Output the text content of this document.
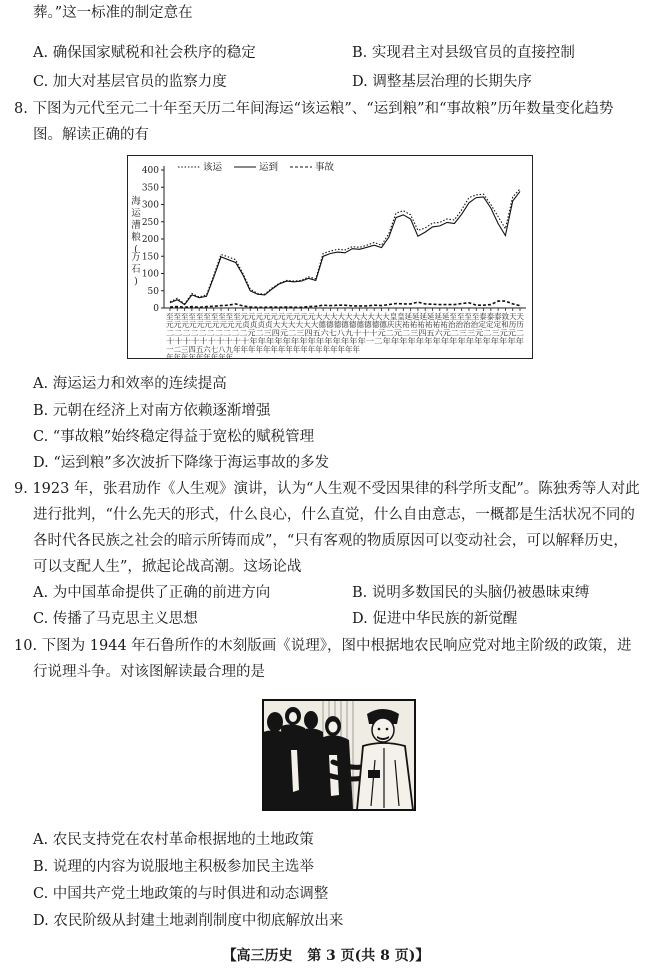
葬。”这一标准的制定意在
A. 确保国家赋税和社会秩序的稳定	B. 实现君主对县级官员的直接控制
C. 加大对基层官员的监察力度	D. 调整基层治理的长期失序
8. 下图为元代至元二十年至天历二年间海运“该运粮”、“运到粮”和“事故粮”历年数量变化趋势
图。解读正确的有
400
350
300
250
200
150
100
50
0
海
运
漕
粮
(
万
石
)
至至至至至至至至至至元元元元元元元元元元大大大大大大大大大大皇皇延延延延延延至至至至泰泰泰致天天
元元元元元元元元元元贞贞贞贞大大大大大大德德德德德德德德德庆庆祐祐祐祐祐祐治治治治定定定和历历
二二二二二二二二二二元二三四元二三四五六七八九十十十元二元二三四五六元二三三元二三元元二
十十十十十十十十十十年年年年年年年年年年年年年年一二年年年年年年年年年年年年年年年年年
一二三四五六七八九年年年年年年年年年年年年年年年年年
年年年年年年年年年
该运	运到	事故
A. 海运运力和效率的连续提高
B. 元朝在经济上对南方依赖逐渐增强
C. “事故粮”始终稳定得益于宽松的赋税管理
D. “运到粮”多次波折下降缘于海运事故的多发
9. 1923 年，张君劢作《人生观》演讲，认为“人生观不受因果律的科学所支配”。陈独秀等人对此
进行批判，“什么先天的形式，什么良心，什么直觉，什么自由意志，一概都是生活状况不同的
各时代各民族之社会的暗示所铸而成”，“只有客观的物质原因可以变动社会，可以解释历史，
可以支配人生”，掀起论战高潮。这场论战
A. 为中国革命提供了正确的前进方向	B. 说明多数国民的头脑仍被愚昧束缚
C. 传播了马克思主义思想	D. 促进中华民族的新觉醒
10. 下图为 1944 年石鲁所作的木刻版画《说理》，图中根据地农民响应党对地主阶级的政策，进
行说理斗争。对该图解读最合理的是
A. 农民支持党在农村革命根据地的土地政策
B. 说理的内容为说服地主积极参加民主选举
C. 中国共产党土地政策的与时俱进和动态调整
D. 农民阶级从封建土地剥削制度中彻底解放出来
【高三历史 第 3 页(共 8 页)】
